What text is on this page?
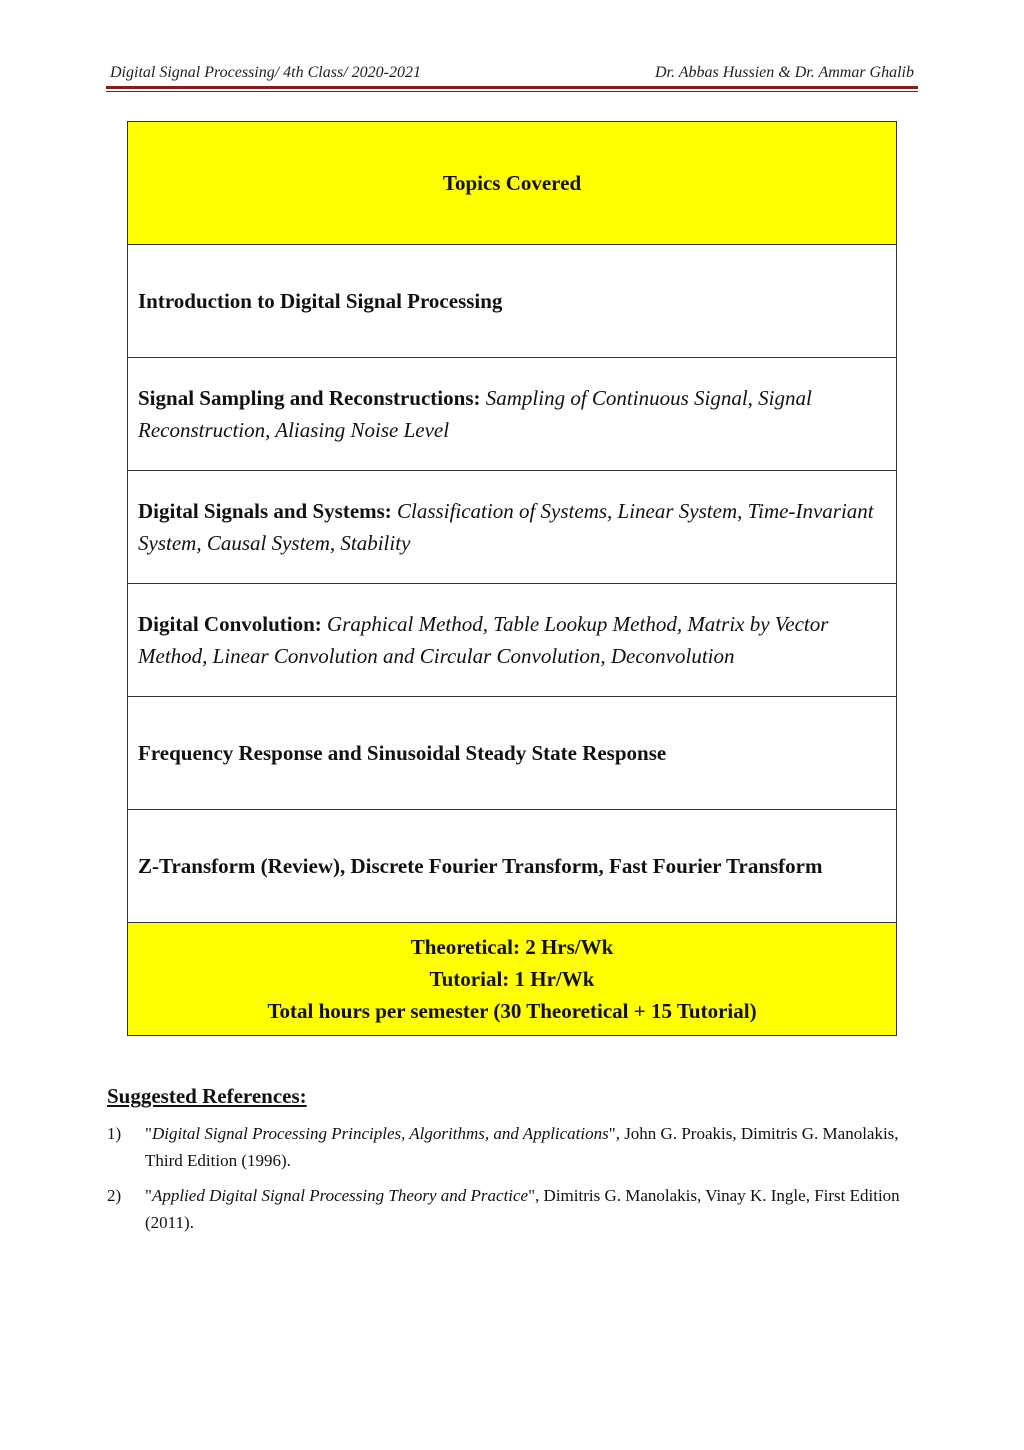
Digital Signal Processing/ 4th Class/ 2020-2021	Dr. Abbas Hussien & Dr. Ammar Ghalib
Topics Covered
Introduction to Digital Signal Processing
Signal Sampling and Reconstructions: Sampling of Continuous Signal, Signal Reconstruction, Aliasing Noise Level
Digital Signals and Systems: Classification of Systems, Linear System, Time-Invariant System, Causal System, Stability
Digital Convolution: Graphical Method, Table Lookup Method, Matrix by Vector Method, Linear Convolution and Circular Convolution, Deconvolution
Frequency Response and Sinusoidal Steady State Response
Z-Transform (Review), Discrete Fourier Transform, Fast Fourier Transform

Theoretical: 2 Hrs/Wk
Tutorial: 1 Hr/Wk
Total hours per semester (30 Theoretical + 15 Tutorial)
Suggested References:
1) "Digital Signal Processing Principles, Algorithms, and Applications", John G. Proakis, Dimitris G. Manolakis, Third Edition (1996).
2) "Applied Digital Signal Processing Theory and Practice", Dimitris G. Manolakis, Vinay K. Ingle, First Edition (2011).
